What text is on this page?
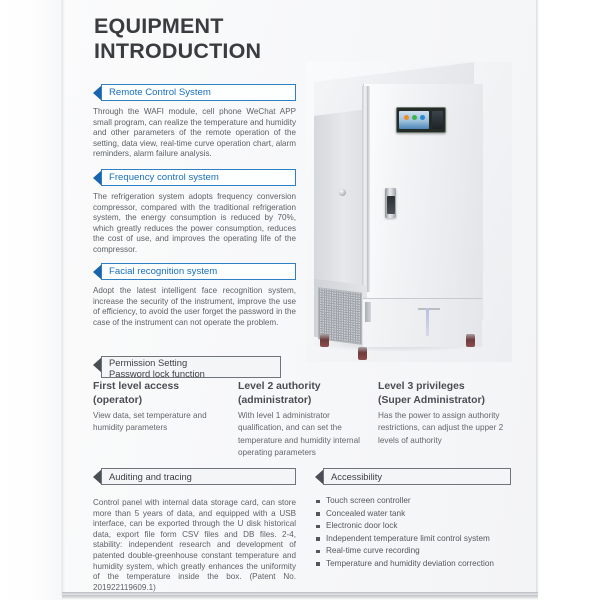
EQUIPMENT
INTRODUCTION
Remote Control System
Through the WAFI module, cell phone WeChat APP small program, can realize the temperature and humidity and other parameters of the remote operation of the setting, data view, real-time curve operation chart, alarm reminders, alarm failure analysis.
Frequency control system
The refrigeration system adopts frequency conversion compressor, compared with the traditional refrigeration system, the energy consumption is reduced by 70%, which greatly reduces the power consumption, reduces the cost of use, and improves the operating life of the compressor.
Facial recognition system
Adopt the latest intelligent face recognition system, increase the security of the instrument, improve the use of efficiency, to avoid the user forget the password in the case of the instrument can not operate the problem.
Permission Setting
Password lock function
First level access (operator)

View data, set temperature and humidity parameters

Level 2 authority
(administrator)

With level 1 administrator qualification, and can set the temperature and humidity internal operating parameters

Level 3 privileges
(Super Administrator)

Has the power to assign authority restrictions, can adjust the upper 2 levels of authority

Auditing and tracing
Control panel with internal data storage card, can store more than 5 years of data, and equipped with a USB interface, can be exported through the U disk historical data, export file form CSV files and DB files. 2-4, stability: independent research and development of patented double-greenhouse constant temperature and humidity system, which greatly enhances the uniformity of the temperature inside the box. (Patent No. 201922119609.1)
Accessibility
Touch screen controller
Concealed water tank
Electronic door lock
Independent temperature limit control system
Real-time curve recording
Temperature and humidity deviation correction
